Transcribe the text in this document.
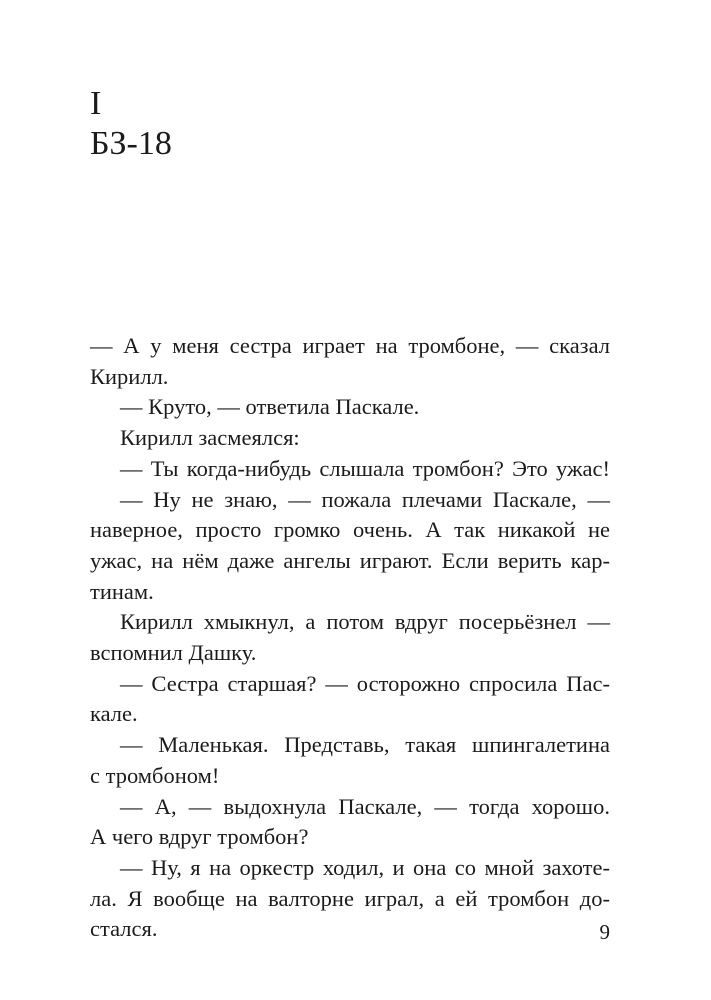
I
БЗ-18
— А у меня сестра играет на тромбоне, — сказал
Кирилл.
— Круто, — ответила Паскале.
Кирилл засмеялся:
— Ты когда-нибудь слышала тромбон? Это ужас!
— Ну не знаю, — пожала плечами Паскале, —
наверное, просто громко очень. А так никакой не
ужас, на нём даже ангелы играют. Если верить кар-
тинам.
Кирилл хмыкнул, а потом вдруг посерьёзнел —
вспомнил Дашку.
— Сестра старшая? — осторожно спросила Пас-
кале.
— Маленькая. Представь, такая шпингалетина
с тромбоном!
— А, — выдохнула Паскале, — тогда хорошо.
А чего вдруг тромбон?
— Ну, я на оркестр ходил, и она со мной захоте-
ла. Я вообще на валторне играл, а ей тромбон до-
стался.	9
